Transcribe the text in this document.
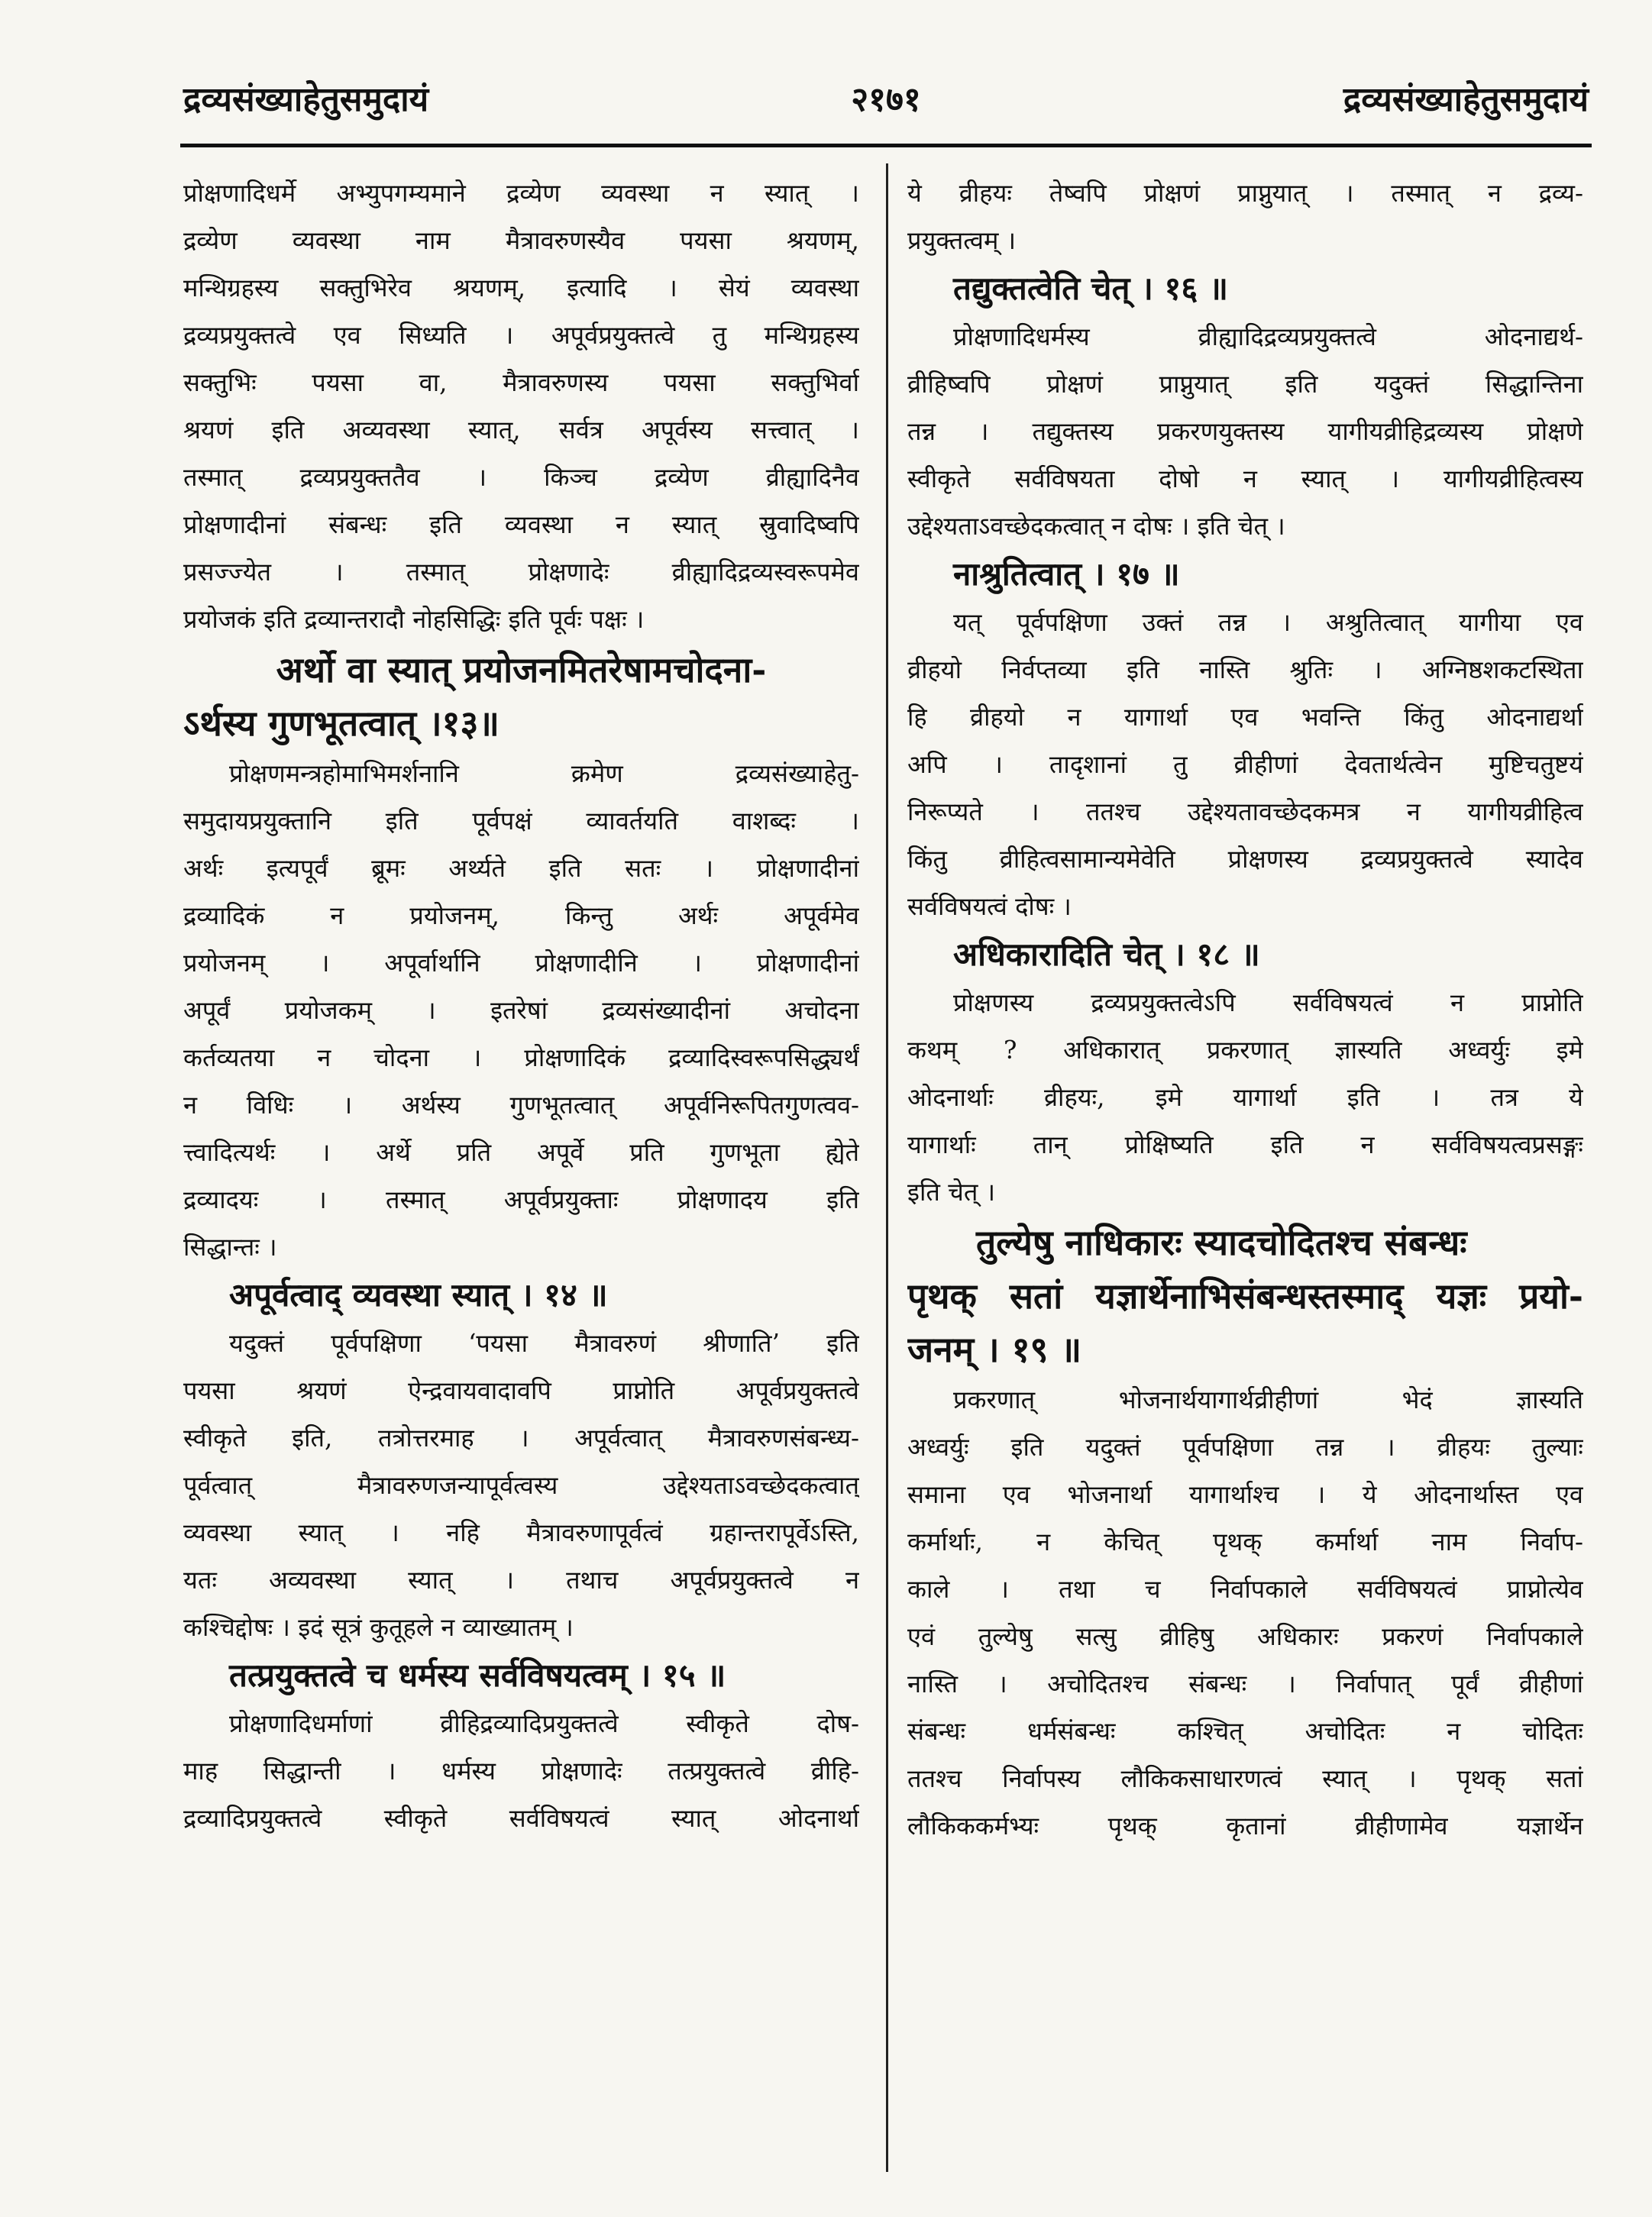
द्रव्यसंख्याहेतुसमुदायं	२१७१	द्रव्यसंख्याहेतुसमुदायं
प्रोक्षणादिधर्मे अभ्युपगम्यमाने द्रव्येण व्यवस्था न स्यात् ।
द्रव्येण व्यवस्था नाम मैत्रावरुणस्यैव पयसा श्रयणम्,
मन्थिग्रहस्य सक्तुभिरेव श्रयणम्, इत्यादि । सेयं व्यवस्था
द्रव्यप्रयुक्तत्वे एव सिध्यति । अपूर्वप्रयुक्तत्वे तु मन्थिग्रहस्य
सक्तुभिः पयसा वा, मैत्रावरुणस्य पयसा सक्तुभिर्वा
श्रयणं इति अव्यवस्था स्यात्, सर्वत्र अपूर्वस्य सत्त्वात् ।
तस्मात् द्रव्यप्रयुक्ततैव । किञ्च द्रव्येण व्रीह्यादिनैव
प्रोक्षणादीनां संबन्धः इति व्यवस्था न स्यात् स्रुवादिष्वपि
प्रसज्ज्येत । तस्मात् प्रोक्षणादेः व्रीह्यादिद्रव्यस्वरूपमेव
प्रयोजकं इति द्रव्यान्तरादौ नोहसिद्धिः इति पूर्वः पक्षः ।
अर्थो वा स्यात् प्रयोजनमितरेषामचोदना-
ऽर्थस्य गुणभूतत्वात् ।१३॥
प्रोक्षणमन्त्रहोमाभिमर्शनानि क्रमेण द्रव्यसंख्याहेतु-
समुदायप्रयुक्तानि इति पूर्वपक्षं व्यावर्तयति वाशब्दः ।
अर्थः इत्यपूर्वं ब्रूमः अर्थ्यते इति सतः । प्रोक्षणादीनां
द्रव्यादिकं न प्रयोजनम्, किन्तु अर्थः अपूर्वमेव
प्रयोजनम् । अपूर्वार्थानि प्रोक्षणादीनि । प्रोक्षणादीनां
अपूर्वं प्रयोजकम् । इतरेषां द्रव्यसंख्यादीनां अचोदना
कर्तव्यतया न चोदना । प्रोक्षणादिकं द्रव्यादिस्वरूपसिद्ध्यर्थं
न विधिः । अर्थस्य गुणभूतत्वात् अपूर्वनिरूपितगुणत्वव-
त्त्वादित्यर्थः । अर्थे प्रति अपूर्वे प्रति गुणभूता ह्येते
द्रव्यादयः । तस्मात् अपूर्वप्रयुक्ताः प्रोक्षणादय इति
सिद्धान्तः ।
अपूर्वत्वाद् व्यवस्था स्यात् । १४ ॥
यदुक्तं पूर्वपक्षिणा ‘पयसा मैत्रावरुणं श्रीणाति’ इति
पयसा श्रयणं ऐन्द्रवायवादावपि प्राप्नोति अपूर्वप्रयुक्तत्वे
स्वीकृते इति, तत्रोत्तरमाह । अपूर्वत्वात् मैत्रावरुणसंबन्ध्य-
पूर्वत्वात् मैत्रावरुणजन्यापूर्वत्वस्य उद्देश्यताऽवच्छेदकत्वात्
व्यवस्था स्यात् । नहि मैत्रावरुणापूर्वत्वं ग्रहान्तरापूर्वेऽस्ति,
यतः अव्यवस्था स्यात् । तथाच अपूर्वप्रयुक्तत्वे न
कश्चिद्दोषः । इदं सूत्रं कुतूहले न व्याख्यातम् ।
तत्प्रयुक्तत्वे च धर्मस्य सर्वविषयत्वम् । १५ ॥
प्रोक्षणादिधर्माणां व्रीहिद्रव्यादिप्रयुक्तत्वे स्वीकृते दोष-
माह सिद्धान्ती । धर्मस्य प्रोक्षणादेः तत्प्रयुक्तत्वे व्रीहि-
द्रव्यादिप्रयुक्तत्वे स्वीकृते सर्वविषयत्वं स्यात् ओदनार्था
ये व्रीहयः तेष्वपि प्रोक्षणं प्राप्नुयात् । तस्मात् न द्रव्य-
प्रयुक्तत्वम् ।
तद्युक्तत्वेति चेत् । १६ ॥
प्रोक्षणादिधर्मस्य व्रीह्यादिद्रव्यप्रयुक्तत्वे ओदनाद्यर्थ-
व्रीहिष्वपि प्रोक्षणं प्राप्नुयात् इति यदुक्तं सिद्धान्तिना
तन्न । तद्युक्तस्य प्रकरणयुक्तस्य यागीयव्रीहिद्रव्यस्य प्रोक्षणे
स्वीकृते सर्वविषयता दोषो न स्यात् । यागीयव्रीहित्वस्य
उद्देश्यताऽवच्छेदकत्वात् न दोषः । इति चेत् ।
नाश्रुतित्वात् । १७ ॥
यत् पूर्वपक्षिणा उक्तं तन्न । अश्रुतित्वात् यागीया एव
व्रीहयो निर्वप्तव्या इति नास्ति श्रुतिः । अग्निष्ठशकटस्थिता
हि व्रीहयो न यागार्था एव भवन्ति किंतु ओदनाद्यर्था
अपि । तादृशानां तु व्रीहीणां देवतार्थत्वेन मुष्टिचतुष्टयं
निरूप्यते । ततश्च उद्देश्यतावच्छेदकमत्र न यागीयव्रीहित्व
किंतु व्रीहित्वसामान्यमेवेति प्रोक्षणस्य द्रव्यप्रयुक्तत्वे स्यादेव
सर्वविषयत्वं दोषः ।
अधिकारादिति चेत् । १८ ॥
प्रोक्षणस्य द्रव्यप्रयुक्तत्वेऽपि सर्वविषयत्वं न प्राप्नोति
कथम् ? अधिकारात् प्रकरणात् ज्ञास्यति अध्वर्युः इमे
ओदनार्थाः व्रीहयः, इमे यागार्था इति । तत्र ये
यागार्थाः तान् प्रोक्षिष्यति इति न सर्वविषयत्वप्रसङ्गः
इति चेत् ।
तुल्येषु नाधिकारः स्यादचोदितश्च संबन्धः
पृथक् सतां यज्ञार्थेनाभिसंबन्धस्तस्माद् यज्ञः प्रयो-
जनम् । १९ ॥
प्रकरणात् भोजनार्थयागार्थव्रीहीणां भेदं ज्ञास्यति
अध्वर्युः इति यदुक्तं पूर्वपक्षिणा तन्न । व्रीहयः तुल्याः
समाना एव भोजनार्था यागार्थाश्च । ये ओदनार्थास्त एव
कर्मार्थाः, न केचित् पृथक् कर्मार्था नाम निर्वाप-
काले । तथा च निर्वापकाले सर्वविषयत्वं प्राप्नोत्येव
एवं तुल्येषु सत्सु व्रीहिषु अधिकारः प्रकरणं निर्वापकाले
नास्ति । अचोदितश्च संबन्धः । निर्वापात् पूर्वं व्रीहीणां
संबन्धः धर्मसंबन्धः कश्चित् अचोदितः न चोदितः
ततश्च निर्वापस्य लौकिकसाधारणत्वं स्यात् । पृथक् सतां
लौकिककर्मभ्यः पृथक् कृतानां व्रीहीणामेव यज्ञार्थेन
